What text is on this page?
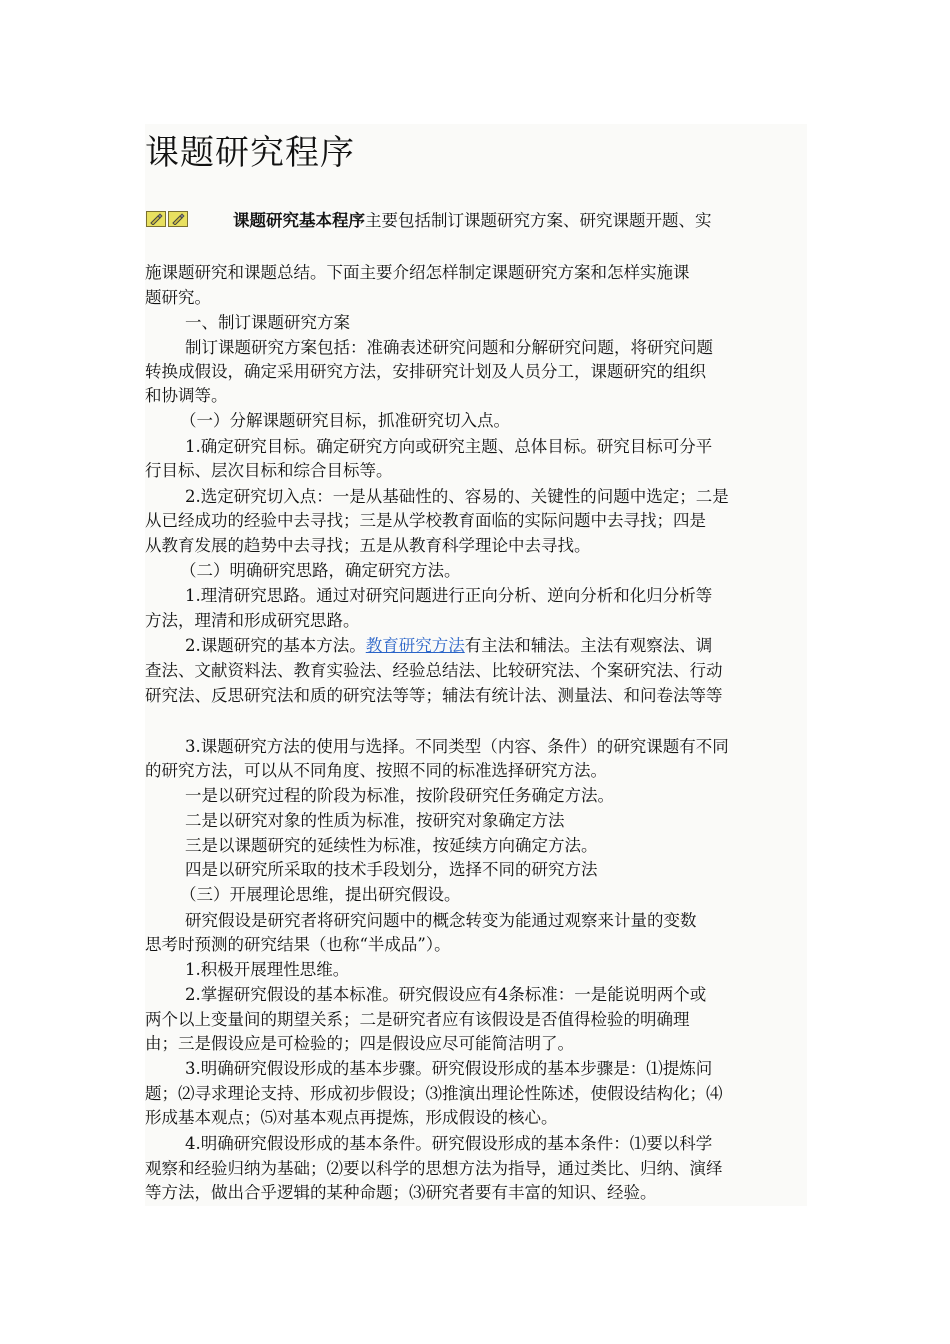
课题研究程序

课题研究基本程序主要包括制订课题研究方案、研究课题开题、实

施课题研究和课题总结。下面主要介绍怎样制定课题研究方案和怎样实施课

题研究。

一、制订课题研究方案

制订课题研究方案包括：准确表述研究问题和分解研究问题，将研究问题

转换成假设，确定采用研究方法，安排研究计划及人员分工，课题研究的组织

和协调等。

（一）分解课题研究目标，抓准研究切入点。

1.确定研究目标。确定研究方向或研究主题、总体目标。研究目标可分平

行目标、层次目标和综合目标等。

2.选定研究切入点：一是从基础性的、容易的、关键性的问题中选定；二是

从已经成功的经验中去寻找；三是从学校教育面临的实际问题中去寻找；四是

从教育发展的趋势中去寻找；五是从教育科学理论中去寻找。

（二）明确研究思路，确定研究方法。

1.理清研究思路。通过对研究问题进行正向分析、逆向分析和化归分析等

方法，理清和形成研究思路。

2.课题研究的基本方法。教育研究方法有主法和辅法。主法有观察法、调

查法、文献资料法、教育实验法、经验总结法、比较研究法、个案研究法、行动

研究法、反思研究法和质的研究法等等；辅法有统计法、测量法、和问卷法等等

3.课题研究方法的使用与选择。不同类型（内容、条件）的研究课题有不同

的研究方法，可以从不同角度、按照不同的标准选择研究方法。

一是以研究过程的阶段为标准，按阶段研究任务确定方法。

二是以研究对象的性质为标准，按研究对象确定方法

三是以课题研究的延续性为标准，按延续方向确定方法。

四是以研究所采取的技术手段划分，选择不同的研究方法

（三）开展理论思维，提出研究假设。

研究假设是研究者将研究问题中的概念转变为能通过观察来计量的变数

思考时预测的研究结果（也称“半成品”）。

1.积极开展理性思维。

2.掌握研究假设的基本标准。研究假设应有4条标准：一是能说明两个或

两个以上变量间的期望关系；二是研究者应有该假设是否值得检验的明确理

由；三是假设应是可检验的；四是假设应尽可能简洁明了。

3.明确研究假设形成的基本步骤。研究假设形成的基本步骤是：⑴提炼问

题；⑵寻求理论支持、形成初步假设；⑶推演出理论性陈述，使假设结构化；⑷

形成基本观点；⑸对基本观点再提炼，形成假设的核心。

4.明确研究假设形成的基本条件。研究假设形成的基本条件：⑴要以科学

观察和经验归纳为基础；⑵要以科学的思想方法为指导，通过类比、归纳、演绎

等方法，做出合乎逻辑的某种命题；⑶研究者要有丰富的知识、经验。
